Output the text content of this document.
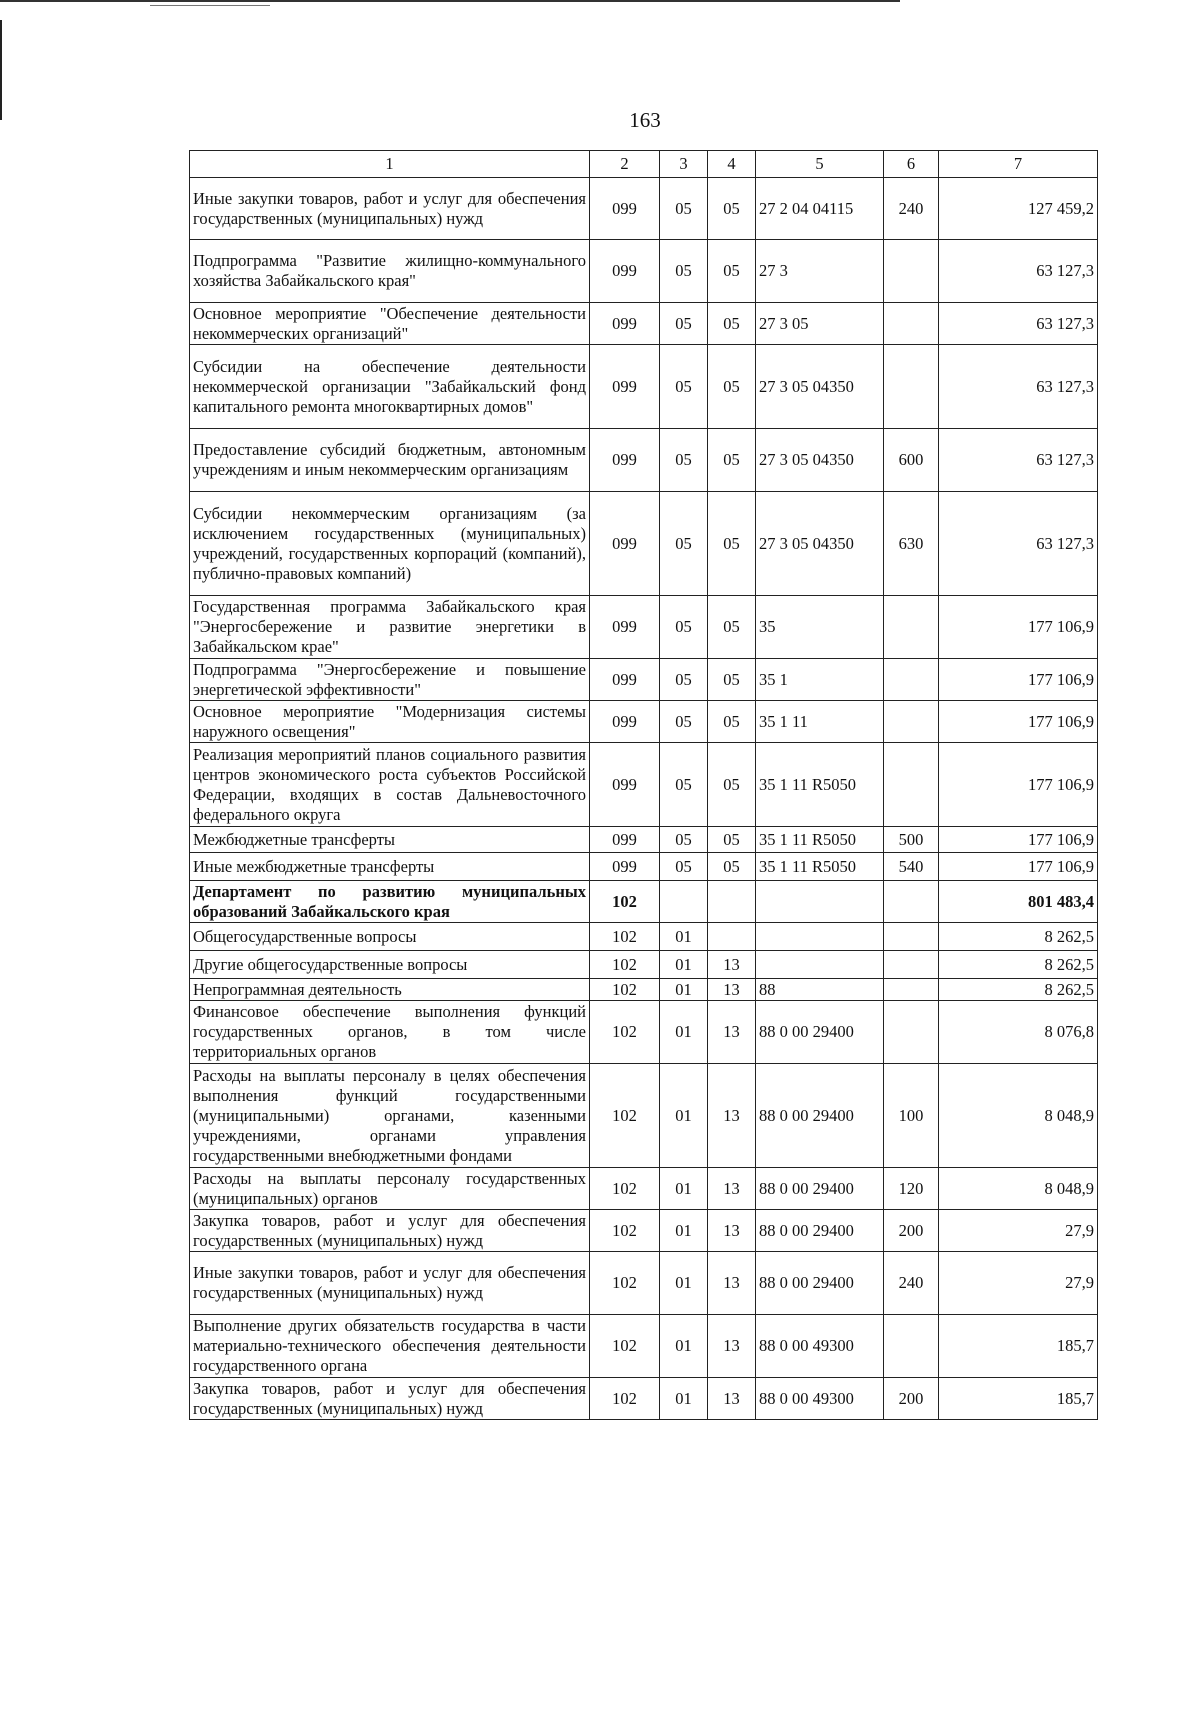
163
1	2	3	4	5	6	7
Иные закупки товаров, работ и услуг для обеспечения государственных (муниципальных) нужд	099	05	05	27 2 04 04115	240	127 459,2
Подпрограмма "Развитие жилищно-коммунального хозяйства Забайкальского края"	099	05	05	27 3		63 127,3
Основное мероприятие "Обеспечение деятельности некоммерческих организаций"	099	05	05	27 3 05		63 127,3
Субсидии на обеспечение деятельности некоммерческой организации "Забайкальский фонд капитального ремонта многоквартирных домов"	099	05	05	27 3 05 04350		63 127,3
Предоставление субсидий бюджетным, автономным учреждениям и иным некоммерческим организациям	099	05	05	27 3 05 04350	600	63 127,3
Субсидии некоммерческим организациям (за исключением государственных (муниципальных) учреждений, государственных корпораций (компаний), публично-правовых компаний)	099	05	05	27 3 05 04350	630	63 127,3
Государственная программа Забайкальского края "Энергосбережение и развитие энергетики в Забайкальском крае"	099	05	05	35		177 106,9
Подпрограмма "Энергосбережение и повышение энергетической эффективности"	099	05	05	35 1		177 106,9
Основное мероприятие "Модернизация системы наружного освещения"	099	05	05	35 1 11		177 106,9
Реализация мероприятий планов социального развития центров экономического роста субъектов Российской Федерации, входящих в состав Дальневосточного федерального округа	099	05	05	35 1 11 R5050		177 106,9
Межбюджетные трансферты	099	05	05	35 1 11 R5050	500	177 106,9
Иные межбюджетные трансферты	099	05	05	35 1 11 R5050	540	177 106,9
Департамент по развитию муниципальных образований Забайкальского края	102					801 483,4
Общегосударственные вопросы	102	01				8 262,5
Другие общегосударственные вопросы	102	01	13			8 262,5
Непрограммная деятельность	102	01	13	88		8 262,5
Финансовое обеспечение выполнения функций государственных органов, в том числе территориальных органов	102	01	13	88 0 00 29400		8 076,8
Расходы на выплаты персоналу в целях обеспечения выполнения функций государственными (муниципальными) органами, казенными учреждениями, органами управления государственными внебюджетными фондами	102	01	13	88 0 00 29400	100	8 048,9
Расходы на выплаты персоналу государственных (муниципальных) органов	102	01	13	88 0 00 29400	120	8 048,9
Закупка товаров, работ и услуг для обеспечения государственных (муниципальных) нужд	102	01	13	88 0 00 29400	200	27,9
Иные закупки товаров, работ и услуг для обеспечения государственных (муниципальных) нужд	102	01	13	88 0 00 29400	240	27,9
Выполнение других обязательств государства в части материально-технического обеспечения деятельности государственного органа	102	01	13	88 0 00 49300		185,7
Закупка товаров, работ и услуг для обеспечения государственных (муниципальных) нужд	102	01	13	88 0 00 49300	200	185,7
